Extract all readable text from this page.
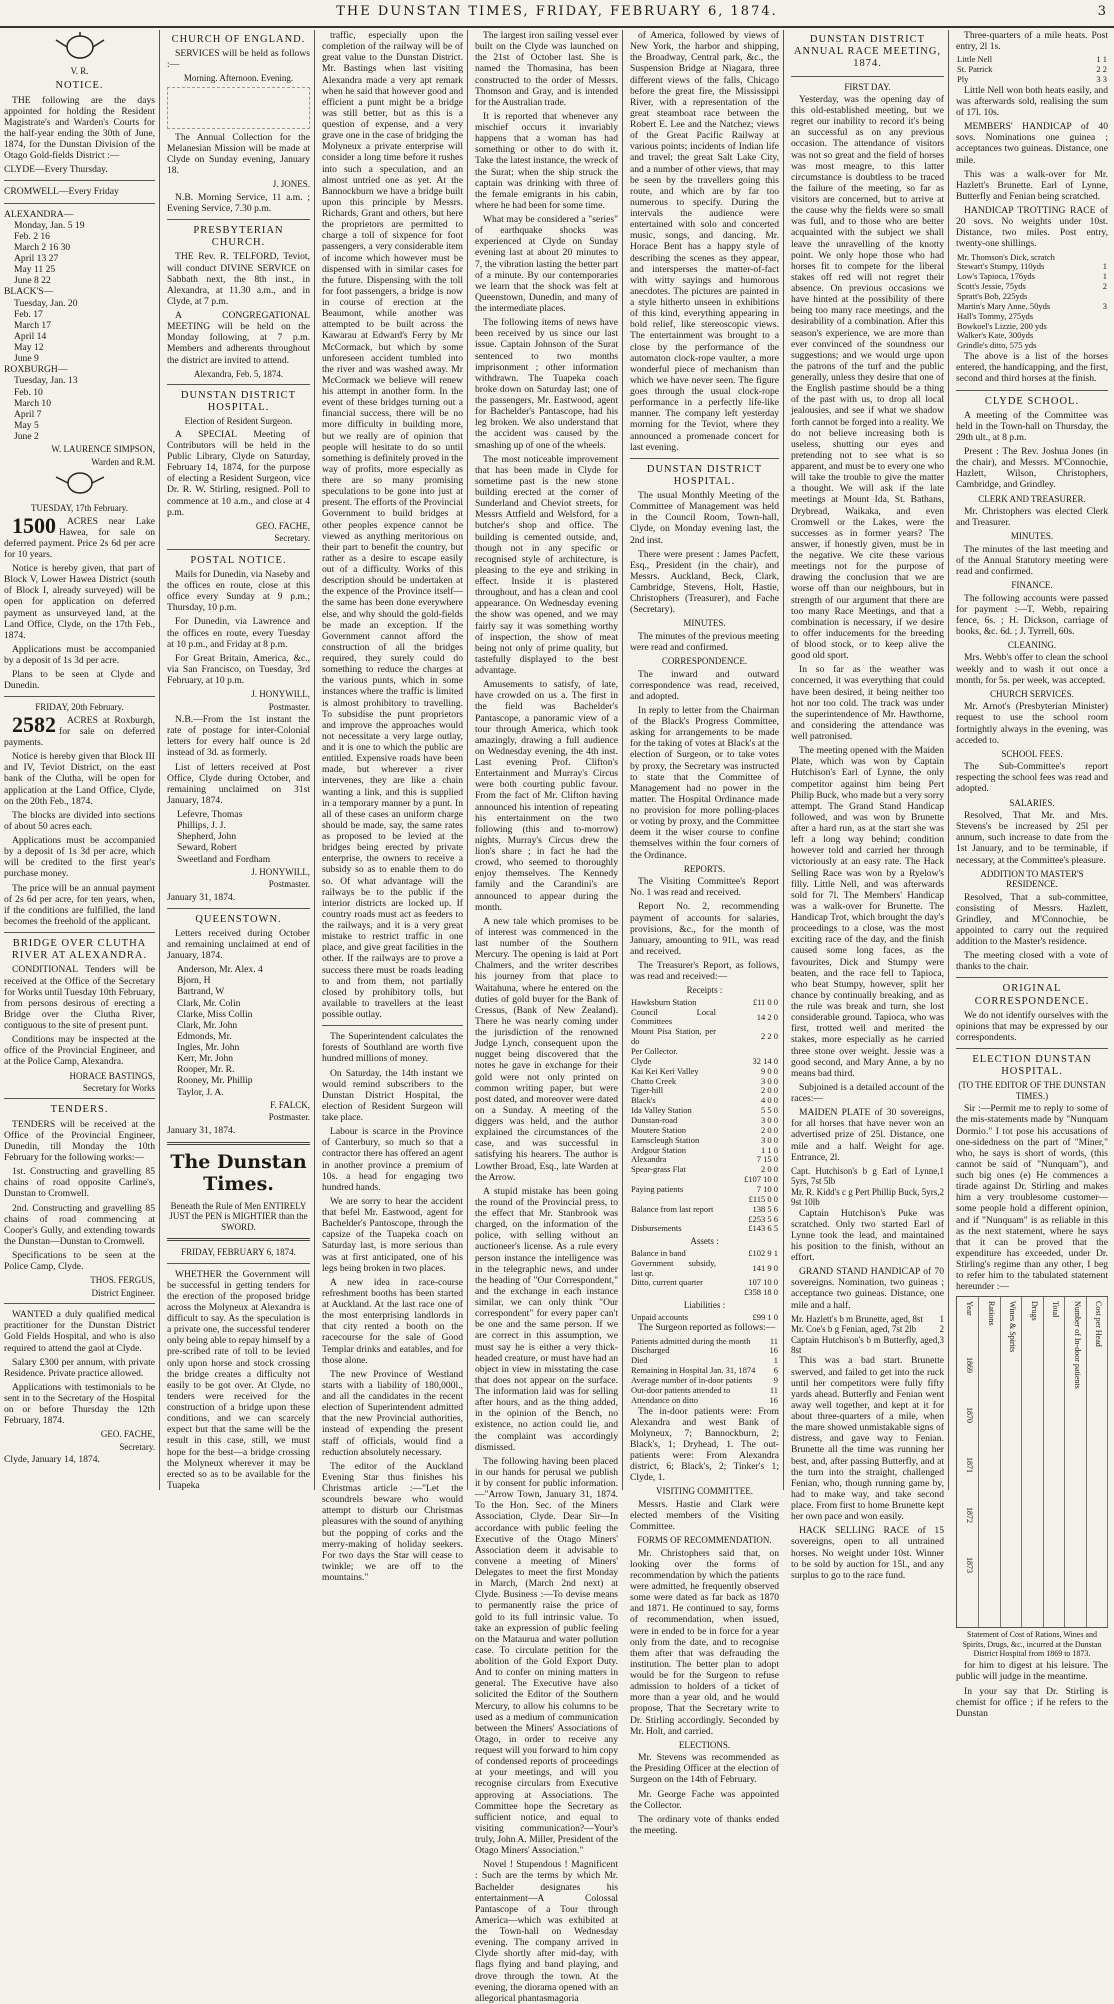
THE DUNSTAN TIMES, FRIDAY, FEBRUARY 6, 1874.	3
V. R.
NOTICE.

THE following are the days appointed for holding the Resident Magistrate's and Warden's Courts for the half-year ending the 30th of June, 1874, for the Dunstan Division of the Otago Gold-fields District :—

CLYDE—Every Thursday.
CROMWELL—Every Friday
ALEXANDRA—
Monday, Jan. 5 19
Feb. 2 16
March 2 16 30
April 13 27
May 11 25
June 8 22
BLACK'S—
Tuesday, Jan. 20
Feb. 17
March 17
April 14
May 12
June 9
ROXBURGH—
Tuesday, Jan. 13
Feb. 10
March 10
April 7
May 5
June 2
W. LAURENCE SIMPSON,
Warden and R.M.
TUESDAY, 17th February.

1500 ACRES near Lake Hawea, for sale on deferred payment. Price 2s 6d per acre for 10 years.

Notice is hereby given, that part of Block V, Lower Hawea District (south of Block I, already surveyed) will be open for application on deferred payment as unsurveyed land, at the Land Office, Clyde, on the 17th Feb., 1874.

Applications must be accompanied by a deposit of 1s 3d per acre.

Plans to be seen at Clyde and Dunedin.

FRIDAY, 20th February.

2582 ACRES at Roxburgh, for sale on deferred payments.

Notice is hereby given that Block III and IV, Teviot District, on the east bank of the Clutha, will be open for application at the Land Office, Clyde, on the 20th Feb., 1874.

The blocks are divided into sections of about 50 acres each.

Applications must be accompanied by a deposit of 1s 3d per acre, which will be credited to the first year's purchase money.

The price will be an annual payment of 2s 6d per acre, for ten years, when, if the conditions are fulfilled, the land becomes the freehold of the applicant.

BRIDGE OVER CLUTHA RIVER AT ALEXANDRA.

CONDITIONAL Tenders will be received at the Office of the Secretary for Works until Tuesday 10th February, from persons desirous of erecting a Bridge over the Clutha River, contiguous to the site of present punt.

Conditions may be inspected at the office of the Provincial Engineer, and at the Police Camp, Alexandra.

HORACE BASTINGS,
Secretary for Works
TENDERS.

TENDERS will be received at the Office of the Provincial Engineer, Dunedin, till Monday the 10th February for the following works:—

1st. Constructing and gravelling 85 chains of road opposite Carline's, Dunstan to Cromwell.

2nd. Constructing and gravelling 85 chains of road commencing at Cooper's Gully, and extending towards the Dunstan—Dunstan to Cromwell.

Specifications to be seen at the Police Camp, Clyde.

THOS. FERGUS,
District Engineer.

WANTED a duly qualified medical practitioner for the Dunstan District Gold Fields Hospital, and who is also required to attend the gaol at Clyde.

Salary £300 per annum, with private Residence. Private practice allowed.

Applications with testimonials to be sent in to the Secretary of the Hospital on or before Thursday the 12th February, 1874.

GEO. FACHE,
Secretary.
Clyde, January 14, 1874.
CHURCH OF ENGLAND.

SERVICES will be held as follows :—

Morning. Afternoon. Evening.

The Annual Collection for the Melanesian Mission will be made at Clyde on Sunday evening, January 18.

J. JONES.

N.B. Morning Service, 11 a.m. ; Evening Service, 7.30 p.m.

PRESBYTERIAN CHURCH.

THE Rev. R. TELFORD, Teviot, will conduct DIVINE SERVICE on Sabbath next, the 8th inst., in Alexandra, at 11.30 a.m., and in Clyde, at 7 p.m.

A CONGREGATIONAL MEETING will be held on the Monday following, at 7 p.m. Members and adherents throughout the district are invited to attend.

Alexandra, Feb. 5, 1874.
DUNSTAN DISTRICT HOSPITAL.
Election of Resident Surgeon.

A SPECIAL Meeting of Contributors will be held in the Public Library, Clyde on Saturday, February 14, 1874, for the purpose of electing a Resident Surgeon, vice Dr. R. W. Stirling, resigned. Poll to commence at 10 a.m., and close at 4 p.m.

GEO. FACHE,
Secretary.
POSTAL NOTICE.

Mails for Dunedin, via Naseby and the offices en route, close at this office every Sunday at 9 p.m.; Thursday, 10 p.m.

For Dunedin, via Lawrence and the offices en route, every Tuesday at 10 p.m., and Friday at 8 p.m.

For Great Britain, America, &c., via San Francisco, on Tuesday, 3rd February, at 10 p.m.

J. HONYWILL,
Postmaster.

N.B.—From the 1st instant the rate of postage for inter-Colonial letters for every half ounce is 2d instead of 3d. as formerly.

List of letters received at Post Office, Clyde during October, and remaining unclaimed on 31st January, 1874.

Lefevre, Thomas
Phillips, J. J.
Shepherd, John
Seward, Robert
Sweetland and Fordham
J. HONYWILL,
Postmaster.
January 31, 1874.
QUEENSTOWN.

Letters received during October and remaining unclaimed at end of January, 1874.

Anderson, Mr. Alex. 4
Bjorn, H
Bartrand, W
Clark, Mr. Colin
Clarke, Miss Collin
Clark, Mr. John
Edmonds, Mr.
Ingles, Mr. John
Kerr, Mr. John
Rooper, Mr. R.
Rooney, Mr. Phillip
Taylor, J. A.
F. FALCK,
Postmaster.
January 31, 1874.
The Dunstan Times.
Beneath the Rule of Men ENTIRELY JUST the PEN is MIGHTIER than the SWORD.
FRIDAY, FEBRUARY 6, 1874.

WHETHER the Government will be successful in getting tenders for the erection of the proposed bridge across the Molyneux at Alexandra is difficult to say. As the speculation is a private one, the successful tenderer only being able to repay himself by a pre-scribed rate of toll to be levied only upon horse and stock crossing the bridge creates a difficulty not easily to be got over. At Clyde, no tenders were received for the construction of a bridge upon these conditions, and we can scarcely expect but that the same will be the result in this case, still, we must hope for the best—a bridge crossing the Molyneux wherever it may be erected so as to be available for the Tuapeka

traffic, especially upon the completion of the railway will be of great value to the Dunstan District. Mr. Bastings when last visiting Alexandra made a very apt remark when he said that however good and efficient a punt might be a bridge was still better, but as this is a question of expense, and a very grave one in the case of bridging the Molyneux a private enterprise will consider a long time before it rushes into such a speculation, and an almost untried one as yet. At the Bannockburn we have a bridge built upon this principle by Messrs. Richards, Grant and others, but here the proprietors are permitted to charge a toll of sixpence for foot passengers, a very considerable item of income which however must be dispensed with in similar cases for the future. Dispensing with the toll for foot passengers, a bridge is now in course of erection at the Beaumont, while another was attempted to be built across the Kawarau at Edward's Ferry by Mr McCormack, but which by some unforeseen accident tumbled into the river and was washed away. Mr McCormack we believe will renew his attempt in another form. In the event of these bridges turning out a financial success, there will be no more difficulty in building more, but we really are of opinion that people will hesitate to do so until something is definitely proved in the way of profits, more especially as there are so many promising speculations to be gone into just at present. The efforts of the Provincial Government to build bridges at other peoples expence cannot be viewed as anything meritorious on their part to benefit the country, but rather as a desire to escape easily out of a difficulty. Works of this description should be undertaken at the expence of the Province itself—the same has been done everywhere else, and why should the gold-fields be made an exception. If the Government cannot afford the construction of all the bridges required, they surely could do something to reduce the charges at the various punts, which in some instances where the traffic is limited is almost prohibitory to travelling. To subsidise the punt proprietors and improve the approaches would not necessitate a very large outlay, and it is one to which the public are entitled. Expensive roads have been made, but wherever a river intervenes, they are like a chain wanting a link, and this is supplied in a temporary manner by a punt. In all of these cases an uniform charge should be made, say, the same rates as proposed to be levied at the bridges being erected by private enterprise, the owners to receive a subsidy so as to enable them to do so. Of what advantage will the railways be to the public if the interior districts are locked up. If country roads must act as feeders to the railways, and it is a very great mistake to restrict traffic in one place, and give great facilities in the other. If the railways are to prove a success there must be roads leading to and from them, not partially closed by prohibitory tolls, but available to travellers at the least possible outlay.

The Superintendent calculates the forests of Southland are worth five hundred millions of money.

On Saturday, the 14th instant we would remind subscribers to the Dunstan District Hospital, the election of Resident Surgeon will take place.

Labour is scarce in the Province of Canterbury, so much so that a contractor there has offered an agent in another province a premium of 10s. a head for engaging two hundred hands.

We are sorry to hear the accident that befel Mr. Eastwood, agent for Bachelder's Pantoscope, through the capsize of the Tuapeka coach on Saturday last, is more serious than was at first anticipated, one of his legs being broken in two places.

A new idea in race-course refreshment booths has been started at Auckland. At the last race one of the most enterprising landlords in that city rented a booth on the racecourse for the sale of Good Templar drinks and eatables, and for those alone.

The new Province of Westland starts with a liability of 180,000l., and all the candidates in the recent election of Superintendent admitted that the new Provincial authorities, instead of expending the present staff of officials, would find a reduction absolutely necessary.

The editor of the Auckland Evening Star thus finishes his Christmas article :—"Let the scoundrels beware who would attempt to disturb our Christmas pleasures with the sound of anything but the popping of corks and the merry-making of holiday seekers. For two days the Star will cease to twinkle; we are off to the mountains."

The largest iron sailing vessel ever built on the Clyde was launched on the 21st of October last. She is named the Thomasina, has been constructed to the order of Messrs. Thomson and Gray, and is intended for the Australian trade.

It is reported that whenever any mischief occurs it invariably happens that a woman has had something or other to do with it. Take the latest instance, the wreck of the Surat; when the ship struck the captain was drinking with three of the female emigrants in his cabin, where he had been for some time.

What may be considered a "series" of earthquake shocks was experienced at Clyde on Sunday evening last at about 20 minutes to 7, the vibration lasting the better part of a minute. By our contemporaries we learn that the shock was felt at Queenstown, Dunedin, and many of the intermediate places.

The following items of news have been received by us since our last issue. Captain Johnson of the Surat sentenced to two months imprisonment ; other information withdrawn. The Tuapeka coach broke down on Saturday last; one of the passengers, Mr. Eastwood, agent for Bachelder's Pantascope, had his leg broken. We also understand that the accident was caused by the smashing up of one of the wheels.

The most noticeable improvement that has been made in Clyde for sometime past is the new stone building erected at the corner of Sunderland and Cheviot streets, for Messrs Attfield and Welsford, for a butcher's shop and office. The building is cemented outside, and, though not in any specific or recognised style of architecture, is pleasing to the eye and striking in effect. Inside it is plastered throughout, and has a clean and cool appearance. On Wednesday evening the show was opened, and we may fairly say it was something worthy of inspection, the show of meat being not only of prime quality, but tastefully displayed to the best advantage.

Amusements to satisfy, of late, have crowded on us a. The first in the field was Bachelder's Pantascope, a panoramic view of a tour through America, which took amazingly, drawing a full audience on Wednesday evening, the 4th inst. Last evening Prof. Clifton's Entertainment and Murray's Circus were both courting public favour. From the fact of Mr. Clifton having announced his intention of repeating his entertainment on the two following (this and to-morrow) nights, Murray's Circus drew the lion's share ; in fact he had the crowd, who seemed to thoroughly enjoy themselves. The Kennedy family and the Carandini's are announced to appear during the month.

A new tale which promises to be of interest was commenced in the last number of the Southern Mercury. The opening is laid at Port Chalmers, and the writer describes his journey from that place to Waitahuna, where he entered on the duties of gold buyer for the Bank of Cressus, (Bank of New Zealand). There he was nearly coming under the jurisdiction of the renowned Judge Lynch, consequent upon the nugget being discovered that the notes he gave in exchange for their gold were not only printed on common writing paper, but were post dated, and moreover were dated on a Sunday. A meeting of the diggers was held, and the author explained the circumstances of the case, and was successful in satisfying his hearers. The author is Lowther Broad, Esq., late Warden at the Arrow.

A stupid mistake has been going the round of the Provincial press, to the effect that Mr. Stanbrook was charged, on the information of the police, with selling without an auctioneer's license. As a rule every person instance the intelligence was in the telegraphic news, and under the heading of "Our Correspondent," and the exchange in each instance similar, we can only think "Our correspondent" for every paper can't be one and the same person. If we are correct in this assumption, we must say he is either a very thick-headed creature, or must have had an object in view in misstating the case that does not appear on the surface. The information laid was for selling after hours, and as the thing added, in the opinion of the Bench, no existence, no action could lie, and the complaint was accordingly dismissed.

The following having been placed in our hands for perusal we publish it by consent for public information.—"Arrow Town, January 31, 1874. To the Hon. Sec. of the Miners Association, Clyde. Dear Sir—In accordance with public feeling the Executive of the Otago Miners' Association deem it advisable to convene a meeting of Miners' Delegates to meet the first Monday in March, (March 2nd next) at Clyde. Business :—To devise means to permanently raise the price of gold to its full intrinsic value. To take an expression of public feeling on the Mataurua and water pollution case. To circulate petition for the abolition of the Gold Export Duty. And to confer on mining matters in general. The Executive have also solicited the Editor of the Southern Mercury, to allow his columns to be used as a medium of communication between the Miners' Associations of Otago, in order to receive any request will you forward to him copy of condensed reports of proceedings at your meetings, and will you recognise circulars from Executive approving at Associations. The Committee hope the Secretary as sufficient notice, and equal to visiting communication?—Your's truly, John A. Miller, President of the Otago Miners' Association."

Novel ! Stupendous ! Magnificent : Such are the terms by which Mr. Bachelder designates his entertainment—A Colossal Pantascope of a Tour through America—which was exhibited at the Town-hall on Wednesday evening. The company arrived in Clyde shortly after mid-day, with flags flying and band playing, and drove through the town. At the evening, the diorama opened with an allegorical phantasmagoria

of America, followed by views of New York, the harbor and shipping, the Broadway, Central park, &c., the Suspension Bridge at Niagara, three different views of the falls, Chicago before the great fire, the Mississippi River, with a representation of the great steamboat race between the Robert E. Lee and the Natchez; views of the Great Pacific Railway at various points; incidents of Indian life and travel; the great Salt Lake City, and a number of other views, that may be seen by the travellers going this route, and which are by far too numerous to specify. During the intervals the audience were entertained with solo and concerted music, songs, and dancing. Mr. Horace Bent has a happy style of describing the scenes as they appear, and intersperses the matter-of-fact with witty sayings and humorous anecdotes. The pictures are painted in a style hitherto unseen in exhibitions of this kind, everything appearing in bold relief, like stereoscopic views. The entertainment was brought to a close by the performance of the automaton clock-rope vaulter, a more wonderful piece of mechanism than which we have never seen. The figure goes through the usual clock-rope performance in a perfectly life-like manner. The company left yesterday morning for the Teviot, where they announced a promenade concert for last evening.

DUNSTAN DISTRICT HOSPITAL.

The usual Monthly Meeting of the Committee of Management was held in the Council Room, Town-hall, Clyde, on Monday evening last, the 2nd inst.

There were present : James Pacfett, Esq., President (in the chair), and Messrs. Auckland, Beck, Clark, Cambridge, Stevens, Holt, Hastie, Christophers (Treasurer), and Fache (Secretary).

MINUTES.

The minutes of the previous meeting were read and confirmed.

CORRESPONDENCE.

The inward and outward correspondence was read, received, and adopted.

In reply to letter from the Chairman of the Black's Progress Committee, asking for arrangements to be made for the taking of votes at Black's at the election of Surgeon, or to take votes by proxy, the Secretary was instructed to state that the Committee of Management had no power in the matter. The Hospital Ordinance made no provision for more polling-places or voting by proxy, and the Committee deem it the wiser course to confine themselves within the four corners of the Ordinance.

REPORTS.

The Visiting Committee's Report No. 1 was read and received.

Report No. 2, recommending payment of accounts for salaries, provisions, &c., for the month of January, amounting to 91l., was read and received.

The Treasurer's Report, as follows, was read and received:—

Receipts :
Hawksburn Station	£11 0 0
Council Local Committees	14 2 0
Mount Pisa Station, per do	2 2 0
Per Collector.	
Clyde	32 14 0
Kai Kei Keri Valley	9 0 0
Chatto Creek	3 0 0
Tiger-hill	2 0 0
Black's	4 0 0
Ida Valley Station	5 5 0
Dunstan-road	3 0 0
Moutere Station	2 0 0
Earnscleugh Station	3 0 0
Ardgour Station	1 1 0
Alexandra	7 15 0
Spear-grass Flat	2 0 0
	£107 10 0
Paying patients	7 10 0
	£115 0 0
Balance from last report	138 5 6
	£253 5 6
Disbursements	£143 6 5
Assets :
Balance in band	£102 9 1
Government subsidy, last qr.	141 9 0
Ditto, current quarter	107 10 0
	£358 18 0
Liabilities :
Unpaid accounts	£99 1 0

The Surgeon reported as follows:—

Patients admitted during the month	11
Discharged	16
Died	1
Remaining in Hospital Jan. 31, 1874	6
Average number of in-door patients	9
Out-door patients attended to	11
Attendance on ditto	16

The in-door patients were: From Alexandra and west Bank of Molyneux, 7; Bannockburn, 2; Black's, 1; Dryhead, 1. The out-patients were: From Alexandra district, 6; Black's, 2; Tinker's 1; Clyde, 1.

VISITING COMMITTEE.

Messrs. Hastie and Clark were elected members of the Visiting Committee.

FORMS OF RECOMMENDATION.

Mr. Christophers said that, on looking over the forms of recommendation by which the patients were admitted, he frequently observed some were dated as far back as 1870 and 1871. He continued to say, forms of recommendation, when issued, were in ended to be in force for a year only from the date, and to recognise them after that was defrauding the institution. The better plan to adopt would be for the Surgeon to refuse admission to holders of a ticket of more than a year old, and he would propose, That the Secretary write to Dr. Stirling accordingly. Seconded by Mr. Holt, and carried.

ELECTIONS.

Mr. Stevens was recommended as the Presiding Officer at the election of Surgeon on the 14th of February.

Mr. George Fache was appointed the Collector.

The ordinary vote of thanks ended the meeting.

DUNSTAN DISTRICT ANNUAL RACE MEETING, 1874.
FIRST DAY.

Yesterday, was the opening day of this old-established meeting, but we regret our inability to record it's being an successful as on any previous occasion. The attendance of visitors was not so great and the field of horses was most meagre, to this latter circumstance is doubtless to be traced the failure of the meeting, so far as visitors are concerned, but to arrive at the cause why the fields were so small was full, and to those who are better acquainted with the subject we shall leave the unravelling of the knotty point. We only hope those who had horses fit to compete for the liberal stakes off red will not regret their absence. On previous occasions we have hinted at the possibility of there being too many race meetings, and the desirability of a combination. After this season's experience, we are more than ever convinced of the soundness our suggestions; and we would urge upon the patrons of the turf and the public generally, unless they desire that one of the English pastime should be a thing of the past with us, to drop all local jealousies, and see if what we shadow forth cannot be forged into a reality. We do not believe increasing both is useless, shutting our eyes and pretending not to see what is so apparent, and must be to every one who will take the trouble to give the matter a thought. We will ask if the late meetings at Mount Ida, St. Bathans, Drybread, Waikaka, and even Cromwell or the Lakes, were the successes as in former years? The answer, if honestly given, must be in the negative. We cite these various meetings not for the purpose of drawing the conclusion that we are worse off than our neighbours, but in strength of our argument that there are too many Race Meetings, and that a combination is necessary, if we desire to offer inducements for the breeding of blood stock, or to keep alive the good old sport.

In so far as the weather was concerned, it was everything that could have been desired, it being neither too hot nor too cold. The track was under the superintendence of Mr. Hawthorne, and considering the attendance was well patronised.

The meeting opened with the Maiden Plate, which was won by Captain Hutchison's Earl of Lynne, the only competitor against him being Pert Philip Buck, who made but a very sorry attempt. The Grand Stand Handicap followed, and was won by Brunette after a hard run, as at the start she was left a long way behind; condition however told and carried her through victoriously at an easy rate. The Hack Selling Race was won by a Ryelow's filly. Little Nell, and was afterwards sold for 7l. The Members' Handicap was a walk-over for Brunette. The Handicap Trot, which brought the day's proceedings to a close, was the most exciting race of the day, and the finish caused some long faces, as the favourites, Dick and Stumpy were beaten, and the race fell to Tapioca, who beat Stumpy, however, split her chance by continually breaking, and as the rule was break and turn, she lost considerable ground. Tapioca, who was first, trotted well and merited the stakes, more especially as he carried three stone over weight. Jessie was a good second, and Mary Anne, a by no means bad third.

Subjoined is a detailed account of the races:—

MAIDEN PLATE of 30 sovereigns, for all horses that have never won an advertised prize of 25l. Distance, one mile and a half. Weight for age. Entrance, 2l.

Capt. Hutchison's b g Earl of Lynne, 5yrs, 7st 5lb
1
Mr. R. Kidd's c g Pert Phillip Buck, 5yrs, 9st 10lb
2

Captain Hutchison's Puke was scratched. Only two started Earl of Lynne took the lead, and maintained his position to the finish, without an effort.

GRAND STAND HANDICAP of 70 sovereigns. Nomination, two guineas ; acceptance two guineas. Distance, one mile and a half.

Mr. Hazlett's b m Brunette, aged, 8st 1
Mr. Coe's b g Fenian, aged, 7st 2lb	2
Captain Hutchison's b m Butterfly, aged, 8st
3

This was a bad start. Brunette swerved, and failed to get into the ruck until her competitors were fully fifty yards ahead. Butterfly and Fenian went away well together, and kept at it for about three-quarters of a mile, when the mare showed unmistakable signs of distress, and gave way to Fenian. Brunette all the time was running her best, and, after passing Butterfly, and at the turn into the straight, challenged Fenian, who, though running game by, had to make way, and take second place. From first to home Brunette kept her own pace and won easily.

HACK SELLING RACE of 15 sovereigns, open to all untrained horses. No weight under 10st. Winner to be sold by auction for 15l., and any surplus to go to the race fund.

Three-quarters of a mile heats. Post entry, 2l 1s.

Little Nell	1 1
St. Patrick	2 2
Ply	3 3

Little Nell won both heats easily, and was afterwards sold, realising the sum of 17l. 10s.

MEMBERS' HANDICAP of 40 sovs. Nominations one guinea ; acceptances two guineas. Distance, one mile.

This was a walk-over for Mr. Hazlett's Brunette. Earl of Lynne, Butterfly and Fenian being scratched.

HANDICAP TROTTING RACE of 20 sovs. No weights under 10st. Distance, two miles. Post entry, twenty-one shillings.

Mr. Thomson's Dick, scratch	
Stewart's Stumpy, 110yds	1
Low's Tapioca, 176yds	1
Scott's Jessie, 75yds	2
Spratt's Bob, 225yds	
Martin's Mary Anne, 50yds	3
Hall's Tommy, 275yds	
Bowkoel's Lizzie, 200 yds	
Walker's Kate, 300yds	
Grindle's ditto, 575 yds	

The above is a list of the horses entered, the handicapping, and the first, second and third horses at the finish.

CLYDE SCHOOL.

A meeting of the Committee was held in the Town-hall on Thursday, the 29th ult., at 8 p.m.

Present : The Rev. Joshua Jones (in the chair), and Messrs. M'Connochie, Hazlett, Wilson, Christophers, Cambridge, and Grindley.

CLERK AND TREASURER.

Mr. Christophers was elected Clerk and Treasurer.

MINUTES.

The minutes of the last meeting and of the Annual Statutory meeting were read and confirmed.

FINANCE.

The following accounts were passed for payment :—T. Webb, repairing fence, 6s. ; H. Dickson, carriage of books, &c. 6d. ; J. Tyrrell, 60s.

CLEANING.

Mrs. Webb's offer to clean the school weekly and to wash it out once a month, for 5s. per week, was accepted.

CHURCH SERVICES.

Mr. Arnot's (Presbyterian Minister) request to use the school room fortnightly always in the evening, was acceded to.

SCHOOL FEES.

The Sub-Committee's report respecting the school fees was read and adopted.

SALARIES.

Resolved, That Mr. and Mrs. Stevens's be increased by 25l per annum, such increase to date from the 1st January, and to be terminable, if necessary, at the Committee's pleasure.

ADDITION TO MASTER'S RESIDENCE.

Resolved, That a sub-committee, consisting of Messrs. Hazlett, Grindley, and M'Connochie, be appointed to carry out the required addition to the Master's residence.

The meeting closed with a vote of thanks to the chair.

ORIGINAL CORRESPONDENCE.

We do not identify ourselves with the opinions that may be expressed by our correspondents.

ELECTION DUNSTAN HOSPITAL.
(TO THE EDITOR OF THE DUNSTAN TIMES.)

Sir :—Permit me to reply to some of the mis-statements made by "Nunquam Dormio." I tot pose his accusations of one-sidedness on the part of "Miner," who, he says is short of words, (this cannot be said of "Nunquam"), and such big ones (e) He commences a tirade against Dr. Stirling and makes him a very troublesome customer—some people hold a different opinion, and if "Nunquam" is as reliable in this as the next statement, where he says that it can be proved that the expenditure has exceeded, under Dr. Stirling's regime than any other, I beg to refer him to the tabulated statement hereunder :—

Year
1869
1870
1871
1872
1873
Rations Wines & Spirits Drugs Total Number of In-door patients Cost per Head
Statement of Cost of Rations, Wines and Spirits, Drugs, &c., incurred at the Dunstan District Hospital from 1869 to 1873.

for him to digest at his leisure. The public will judge in the meantime.

In your say that Dr. Stirling is chemist for office ; if he refers to the Dunstan
